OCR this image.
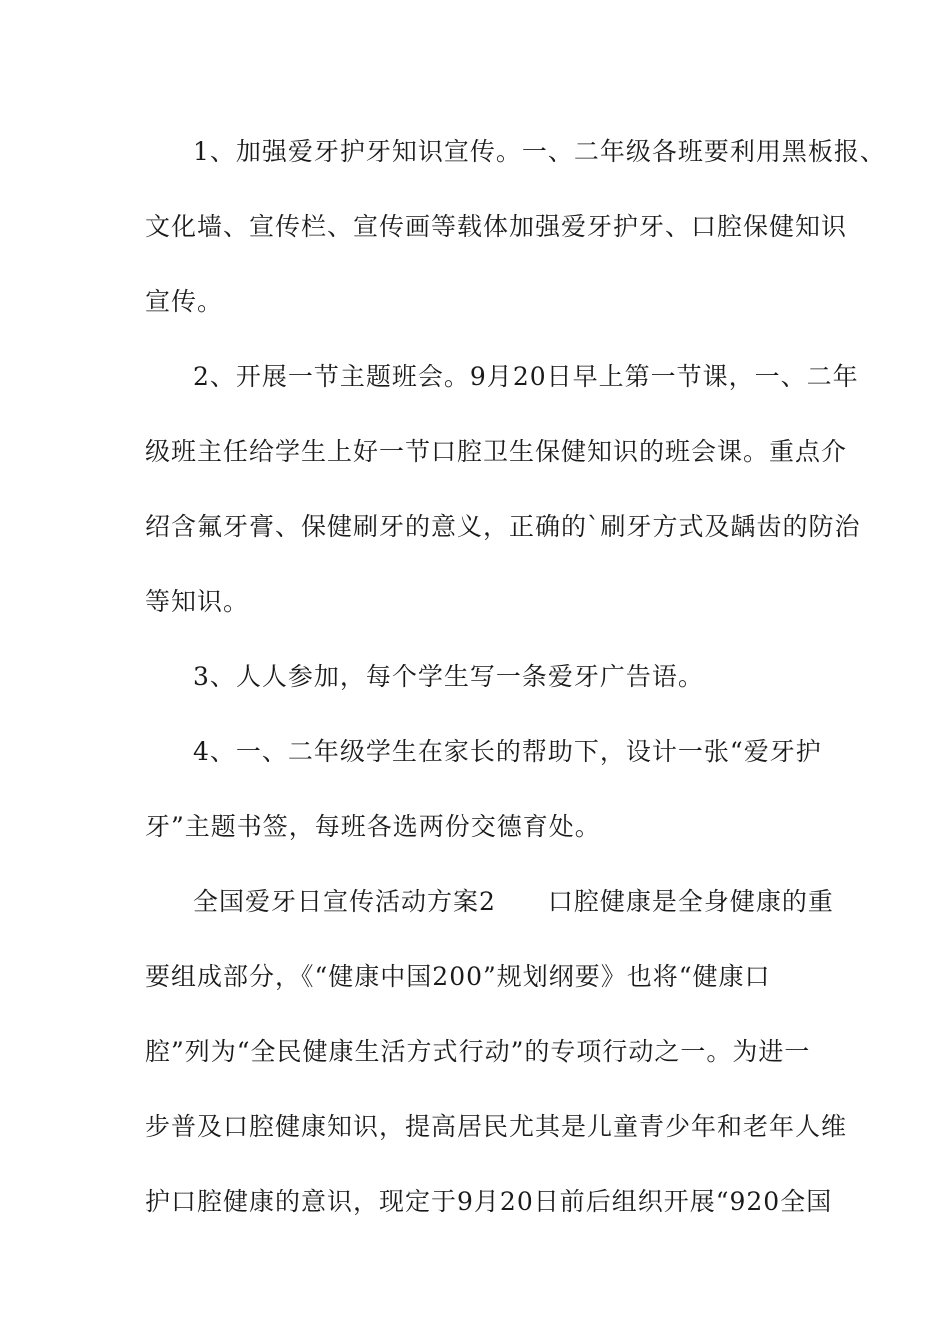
1、加强爱牙护牙知识宣传。一、二年级各班要利用黑板报、
文化墙、宣传栏、宣传画等载体加强爱牙护牙、口腔保健知识
宣传。
2、开展一节主题班会。9月20日早上第一节课，一、二年
级班主任给学生上好一节口腔卫生保健知识的班会课。重点介
绍含氟牙膏、保健刷牙的意义，正确的`刷牙方式及龋齿的防治
等知识。
3、人人参加，每个学生写一条爱牙广告语。
4、一、二年级学生在家长的帮助下，设计一张“爱牙护
牙”主题书签，每班各选两份交德育处。
全国爱牙日宣传活动方案2　　口腔健康是全身健康的重
要组成部分，《“健康中国200”规划纲要》也将“健康口
腔”列为“全民健康生活方式行动”的专项行动之一。为进一
步普及口腔健康知识，提高居民尤其是儿童青少年和老年人维
护口腔健康的意识，现定于9月20日前后组织开展“920全国
